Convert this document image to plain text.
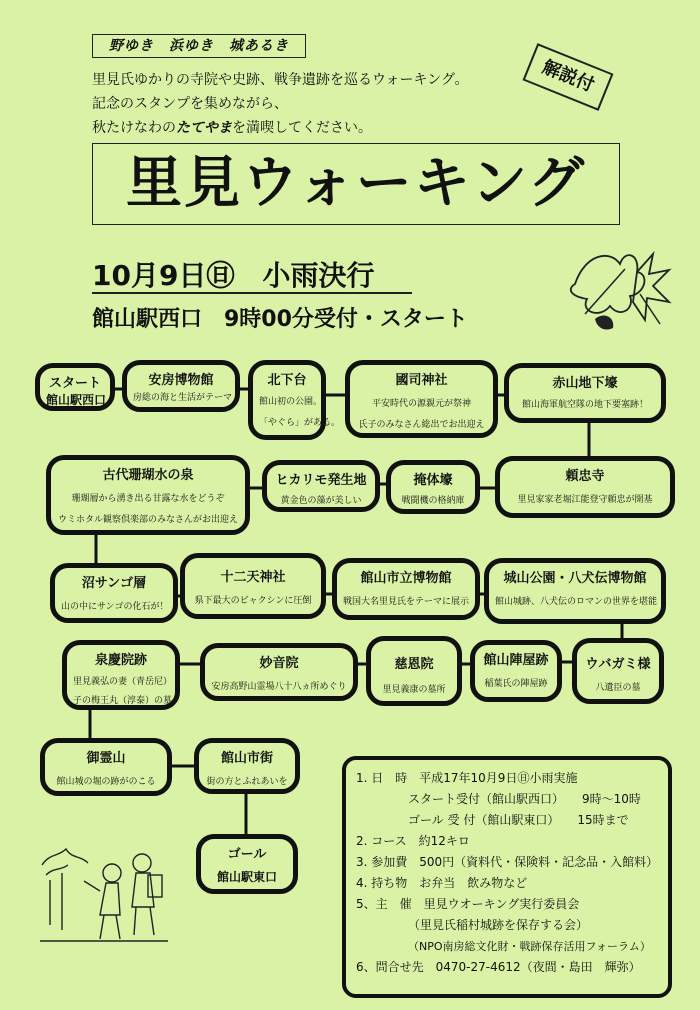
野ゆき　浜ゆき　城あるき
里見氏ゆかりの寺院や史跡、戦争遺跡を巡るウォーキング。
記念のスタンプを集めながら、
秋たけなわのたてやまを満喫してください。
解説付
里見ウォーキング
10月9日㊐　小雨決行
館山駅西口　9時00分受付・スタート
スタート
館山駅西口
安房博物館
房総の海と生活がテーマ
北下台
館山初の公園。
「やぐら」がある。
國司神社
平安時代の源親元が祭神
氏子のみなさん総出でお出迎え
赤山地下壕
館山海軍航空隊の地下要塞跡！
古代珊瑚水の泉
珊瑚層から湧き出る甘露な水をどうぞ
ウミホタル観察倶楽部のみなさんがお出迎え
ヒカリモ発生地
黄金色の藻が美しい
掩体壕
戦闘機の格納庫
頼忠寺
里見家家老堀江能登守頼忠が開基
沼サンゴ層
山の中にサンゴの化石が！
十二天神社
県下最大のビャクシンに圧倒
館山市立博物館
戦国大名里見氏をテーマに展示
城山公園・八犬伝博物館
館山城跡、八犬伝のロマンの世界を堪能
泉慶院跡
里見義弘の妻（青岳尼）
子の梅王丸（淳泰）の墓
妙音院
安房高野山霊場八十八ヵ所めぐり
慈恩院
里見義康の墓所
館山陣屋跡
稲葉氏の陣屋跡
ウバガミ様
八遺臣の墓
御霊山
館山城の堀の跡がのこる
館山市街
街の方とふれあいを
ゴール
館山駅東口
1. 日　時　平成17年10月9日㊐小雨実施
スタート受付（館山駅西口）　　9時～10時
ゴール 受 付（館山駅東口）　　15時まで
2. コース　約12キロ
3. 参加費　500円（資料代・保険料・記念品・入館料）
4. 持ち物　お弁当　飲み物など
5、主　催　里見ウオーキング実行委員会
（里見氏稲村城跡を保存する会）
（NPO南房総文化財・戦跡保存活用フォーラム）
6、問合せ先　0470-27-4612（夜間・島田　輝弥）
